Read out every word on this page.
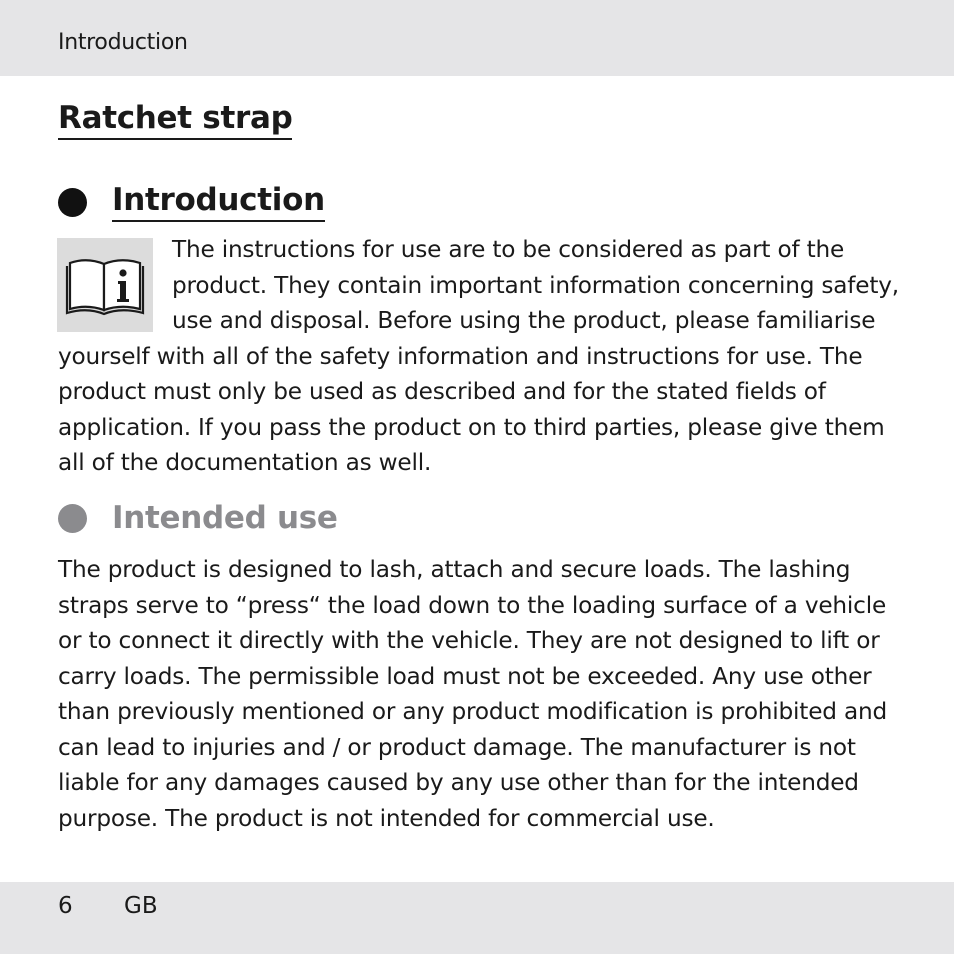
Introduction
Ratchet strap
Introduction
The instructions for use are to be considered as part of the
product. They contain important information concerning safety,
use and disposal. Before using the product, please familiarise
yourself with all of the safety information and instructions for use. The
product must only be used as described and for the stated fields of
application. If you pass the product on to third parties, please give them
all of the documentation as well.
Intended use
The product is designed to lash, attach and secure loads. The lashing
straps serve to “press“ the load down to the loading surface of a vehicle
or to connect it directly with the vehicle. They are not designed to lift or
carry loads. The permissible load must not be exceeded. Any use other
than previously mentioned or any product modification is prohibited and
can lead to injuries and / or product damage. The manufacturer is not
liable for any damages caused by any use other than for the intended
purpose. The product is not intended for commercial use.
6 GB
